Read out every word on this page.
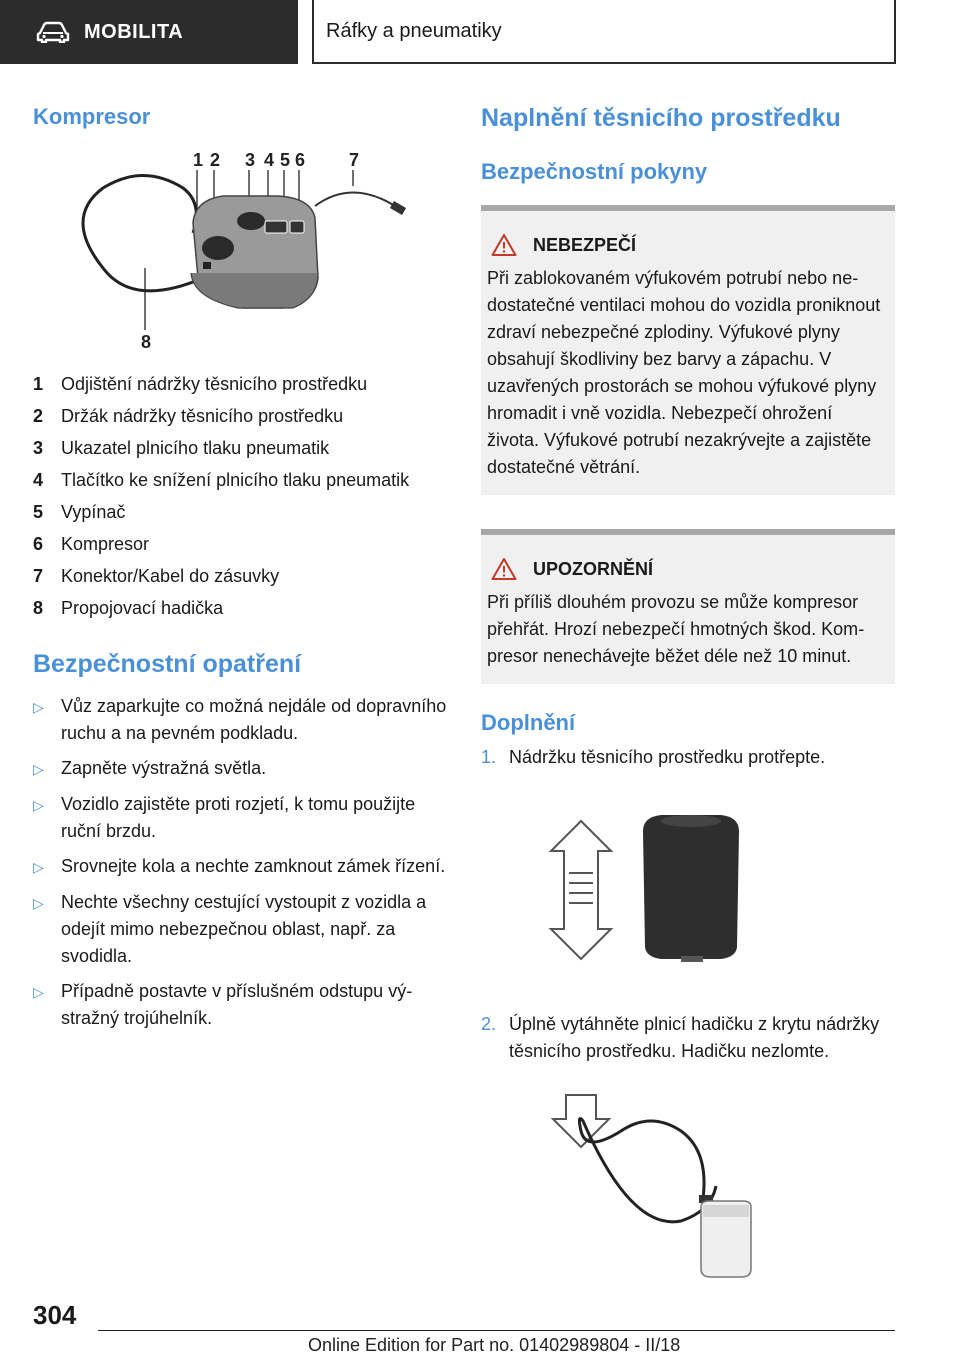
MOBILITA	Ráfky a pneumatiky
Kompresor
1 2 3 4 5 6 7
8
1 Odjištění nádržky těsnicího prostředku
2 Držák nádržky těsnicího prostředku
3 Ukazatel plnicího tlaku pneumatik
4 Tlačítko ke snížení plnicího tlaku pneumatik
5 Vypínač
6 Kompresor
7 Konektor/Kabel do zásuvky
8 Propojovací hadička
Bezpečnostní opatření
▷ Vůz zaparkujte co možná nejdále od dopravního ruchu a na pevném podkladu.
▷ Zapněte výstražná světla.
▷ Vozidlo zajistěte proti rozjetí, k tomu použijte ruční brzdu.
▷ Srovnejte kola a nechte zamknout zámek řízení.
▷ Nechte všechny cestující vystoupit z vozidla a odejít mimo nebezpečnou oblast, např. za svodidla.
▷ Případně postavte v příslušném odstupu výstražný trojúhelník.
Naplnění těsnicího prostředku
Bezpečnostní pokyny
NEBEZPEČÍ

Při zablokovaném výfukovém potrubí nebo nedostatečné ventilaci mohou do vozidla proniknout zdraví nebezpečné zplodiny. Výfukové plyny obsahují škodliviny bez barvy a zápachu. V uzavřených prostorách se mohou výfukové plyny hromadit i vně vozidla. Nebezpečí ohrožení života. Výfukové potrubí nezakrývejte a zajistěte dostatečné větrání.

UPOZORNĚNÍ

Při příliš dlouhém provozu se může kompresor přehřát. Hrozí nebezpečí hmotných škod. Kompresor nenechávejte běžet déle než 10 minut.

Doplnění
1. Nádržku těsnicího prostředku protřepte.
2. Úplně vytáhněte plnicí hadičku z krytu nádržky těsnicího prostředku. Hadičku nezlomte.
304
Online Edition for Part no. 01402989804 - II/18
